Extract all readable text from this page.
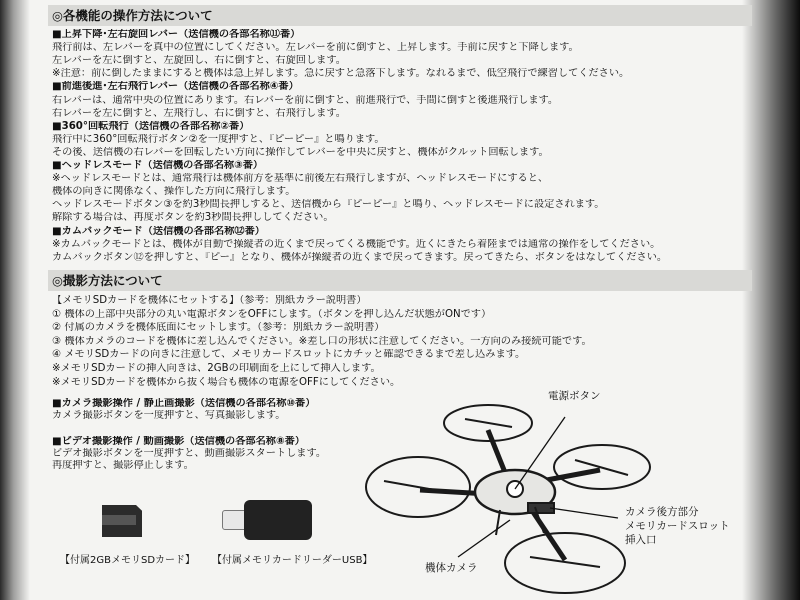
◎各機能の操作方法について
■上昇下降･左右旋回レバー（送信機の各部名称⑪番）
飛行前は、左レバーを真中の位置にしてください。左レバーを前に倒すと、上昇します。手前に戻すと下降します。
左レバーを左に倒すと、左旋回し、右に倒すと、右旋回します。
※注意：前に倒したままにすると機体は急上昇します。急に戻すと急落下します。なれるまで、低空飛行で練習してください。
■前進後進･左右飛行レバー（送信機の各部名称④番）
右レバーは、通常中央の位置にあります。右レバーを前に倒すと、前進飛行で、手間に倒すと後進飛行します。
右レバーを左に倒すと、左飛行し、右に倒すと、右飛行します。
■360°回転飛行（送信機の各部名称②番）
飛行中に360°回転飛行ボタン②を一度押すと、『ピーピー』と鳴ります。
その後、送信機の右レバーを回転したい方向に操作してレバーを中央に戻すと、機体がクルット回転します。
■ヘッドレスモード（送信機の各部名称③番）
※ヘッドレスモードとは、通常飛行は機体前方を基準に前後左右飛行しますが、ヘッドレスモードにすると、
機体の向きに関係なく、操作した方向に飛行します。
ヘッドレスモードボタン③を約3秒間長押しすると、送信機から『ピーピー』と鳴り、ヘッドレスモードに設定されます。
解除する場合は、再度ボタンを約3秒間長押ししてください。
■カムバックモード（送信機の各部名称⑫番）
※カムバックモードとは、機体が自動で操縦者の近くまで戻ってくる機能です。近くにきたら着陸までは通常の操作をしてください。
カムバックボタン⑫を押しすと、『ピー』となり、機体が操縦者の近くまで戻ってきます。戻ってきたら、ボタンをはなしてください。
◎撮影方法について
【メモリSDカードを機体にセットする】（参考：別紙カラー説明書）
① 機体の上部中央部分の丸い電源ボタンをOFFにします。（ボタンを押し込んだ状態がONです）
② 付属のカメラを機体底面にセットします。（参考：別紙カラー説明書）
③ 機体カメラのコードを機体に差し込んでください。※差し口の形状に注意してください。一方向のみ接続可能です。
④ メモリSDカードの向きに注意して、メモリカードスロットにカチッと確認できるまで差し込みます。
※メモリSDカードの挿入向きは、2GBの印刷面を上にして挿入します。
※メモリSDカードを機体から抜く場合も機体の電源をOFFにしてください。
■カメラ撮影操作 / 静止画撮影（送信機の各部名称⑩番）
カメラ撮影ボタンを一度押すと、写真撮影します。
■ビデオ撮影操作 / 動画撮影（送信機の各部名称⑧番）
ビデオ撮影ボタンを一度押すと、動画撮影スタートします。
再度押すと、撮影停止します。
【付属2GBメモリSDカード】 【付属メモリカードリーダーUSB】
電源ボタン
カメラ後方部分
メモリカードスロット
挿入口
機体カメラ
